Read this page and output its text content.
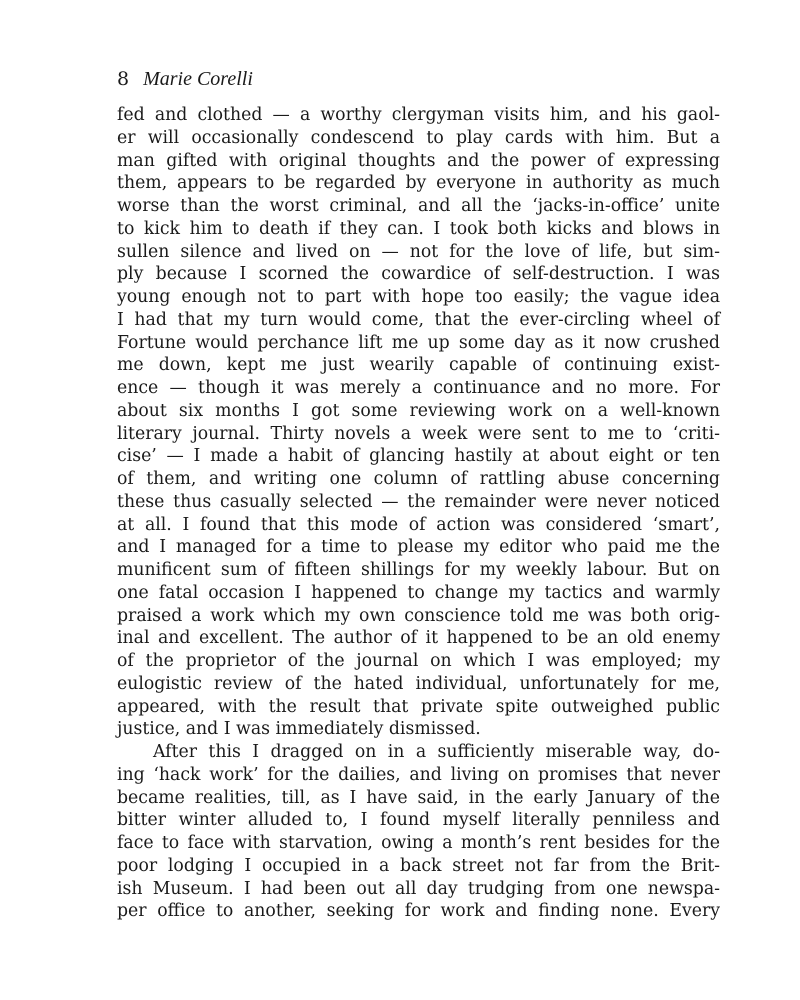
8 Marie Corelli
fed and clothed — a worthy clergyman visits him, and his gaol-
er will occasionally condescend to play cards with him. But a
man gifted with original thoughts and the power of expressing
them, appears to be regarded by everyone in authority as much
worse than the worst criminal, and all the ‘jacks-in-office’ unite
to kick him to death if they can. I took both kicks and blows in
sullen silence and lived on — not for the love of life, but sim-
ply because I scorned the cowardice of self-destruction. I was
young enough not to part with hope too easily; the vague idea
I had that my turn would come, that the ever-circling wheel of
Fortune would perchance lift me up some day as it now crushed
me down, kept me just wearily capable of continuing exist-
ence — though it was merely a continuance and no more. For
about six months I got some reviewing work on a well-known
literary journal. Thirty novels a week were sent to me to ‘criti-
cise’ — I made a habit of glancing hastily at about eight or ten
of them, and writing one column of rattling abuse concerning
these thus casually selected — the remainder were never noticed
at all. I found that this mode of action was considered ‘smart’,
and I managed for a time to please my editor who paid me the
munificent sum of fifteen shillings for my weekly labour. But on
one fatal occasion I happened to change my tactics and warmly
praised a work which my own conscience told me was both orig-
inal and excellent. The author of it happened to be an old enemy
of the proprietor of the journal on which I was employed; my
eulogistic review of the hated individual, unfortunately for me,
appeared, with the result that private spite outweighed public
justice, and I was immediately dismissed.
After this I dragged on in a sufficiently miserable way, do-
ing ‘hack work’ for the dailies, and living on promises that never
became realities, till, as I have said, in the early January of the
bitter winter alluded to, I found myself literally penniless and
face to face with starvation, owing a month’s rent besides for the
poor lodging I occupied in a back street not far from the Brit-
ish Museum. I had been out all day trudging from one newspa-
per office to another, seeking for work and finding none. Every
